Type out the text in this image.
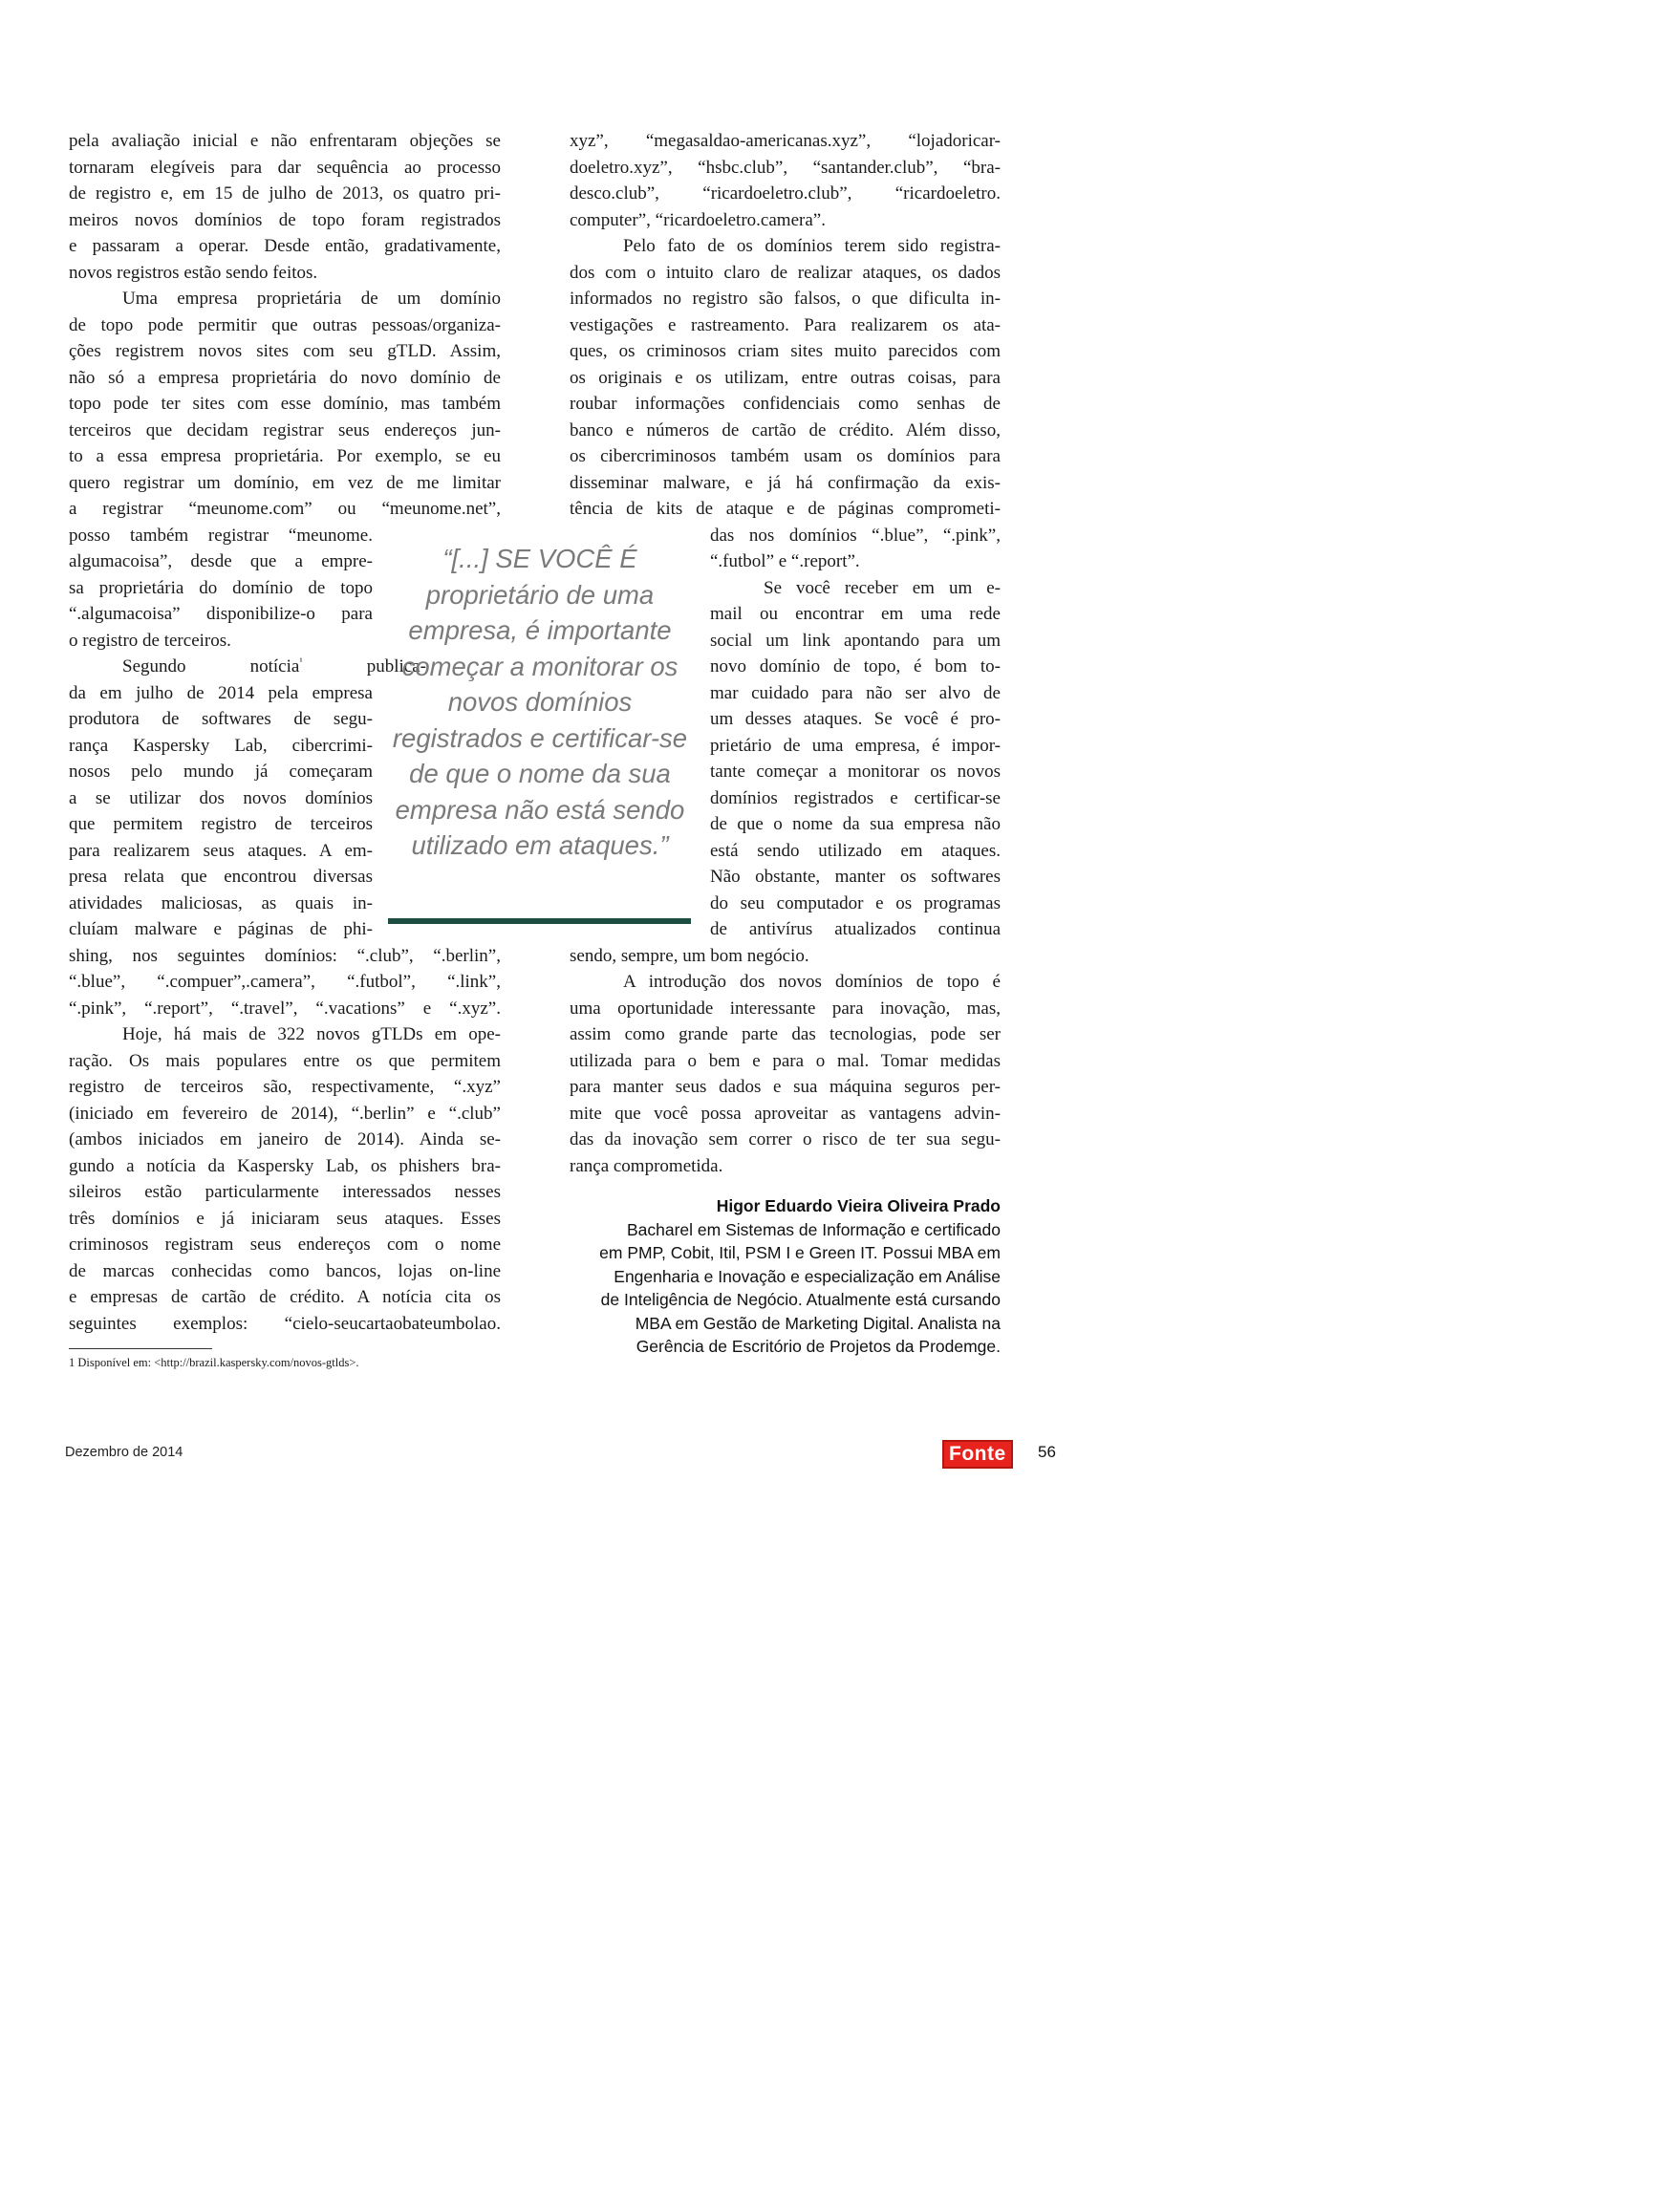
pela avaliação inicial e não enfrentaram objeções se
tornaram elegíveis para dar sequência ao processo
de registro e, em 15 de julho de 2013, os quatro pri-
meiros novos domínios de topo foram registrados
e passaram a operar. Desde então, gradativamente,
novos registros estão sendo feitos.
Uma empresa proprietária de um domínio
de topo pode permitir que outras pessoas/organiza-
ções registrem novos sites com seu gTLD. Assim,
não só a empresa proprietária do novo domínio de
topo pode ter sites com esse domínio, mas também
terceiros que decidam registrar seus endereços jun-
to a essa empresa proprietária. Por exemplo, se eu
quero registrar um domínio, em vez de me limitar
a registrar “meunome.com” ou “meunome.net”,
posso também registrar “meunome.
algumacoisa”, desde que a empre-
sa proprietária do domínio de topo
“.algumacoisa” disponibilize-o para
o registro de terceiros.
Segundo notícia$^{^1}$ publica-
da em julho de 2014 pela empresa
produtora de softwares de segu-
rança Kaspersky Lab, cibercrimi-
nosos pelo mundo já começaram
a se utilizar dos novos domínios
que permitem registro de terceiros
para realizarem seus ataques. A em-
presa relata que encontrou diversas
atividades maliciosas, as quais in-
cluíam malware e páginas de phi-
shing, nos seguintes domínios: “.club”, “.berlin”,
“.blue”, “.compuer”,.camera”, “.futbol”, “.link”,
“.pink”, “.report”, “.travel”, “.vacations” e “.xyz”.
Hoje, há mais de 322 novos gTLDs em ope-
ração. Os mais populares entre os que permitem
registro de terceiros são, respectivamente, “.xyz”
(iniciado em fevereiro de 2014), “.berlin” e “.club”
(ambos iniciados em janeiro de 2014). Ainda se-
gundo a notícia da Kaspersky Lab, os phishers bra-
sileiros estão particularmente interessados nesses
três domínios e já iniciaram seus ataques. Esses
criminosos registram seus endereços com o nome
de marcas conhecidas como bancos, lojas on-line
e empresas de cartão de crédito. A notícia cita os
seguintes exemplos: “cielo-seucartaobateumbolao.
1 Disponível em: <http://brazil.kaspersky.com/novos-gtlds>.
“[...] SE VOCÊ É proprietário de uma empresa, é importante começar a monitorar os novos domínios registrados e certificar-se de que o nome da sua empresa não está sendo utilizado em ataques.”
xyz”, “megasaldao-americanas.xyz”, “lojadoricar-
doeletro.xyz”, “hsbc.club”, “santander.club”, “bra-
desco.club”, “ricardoeletro.club”, “ricardoeletro.
computer”, “ricardoeletro.camera”.
Pelo fato de os domínios terem sido registra-
dos com o intuito claro de realizar ataques, os dados
informados no registro são falsos, o que dificulta in-
vestigações e rastreamento. Para realizarem os ata-
ques, os criminosos criam sites muito parecidos com
os originais e os utilizam, entre outras coisas, para
roubar informações confidenciais como senhas de
banco e números de cartão de crédito. Além disso,
os cibercriminosos também usam os domínios para
disseminar malware, e já há confirmação da exis-
tência de kits de ataque e de páginas comprometi-
das nos domínios “.blue”, “.pink”,
“.futbol” e “.report”.
Se você receber em um e-
mail ou encontrar em uma rede
social um link apontando para um
novo domínio de topo, é bom to-
mar cuidado para não ser alvo de
um desses ataques. Se você é pro-
prietário de uma empresa, é impor-
tante começar a monitorar os novos
domínios registrados e certificar-se
de que o nome da sua empresa não
está sendo utilizado em ataques.
Não obstante, manter os softwares
do seu computador e os programas
de antivírus atualizados continua
sendo, sempre, um bom negócio.
A introdução dos novos domínios de topo é
uma oportunidade interessante para inovação, mas,
assim como grande parte das tecnologias, pode ser
utilizada para o bem e para o mal. Tomar medidas
para manter seus dados e sua máquina seguros per-
mite que você possa aproveitar as vantagens advin-
das da inovação sem correr o risco de ter sua segu-
rança comprometida.
Higor Eduardo Vieira Oliveira Prado
Bacharel em Sistemas de Informação e certificado
em PMP, Cobit, Itil, PSM I e Green IT. Possui MBA em
Engenharia e Inovação e especialização em Análise
de Inteligência de Negócio. Atualmente está cursando
MBA em Gestão de Marketing Digital. Analista na
Gerência de Escritório de Projetos da Prodemge.
Dezembro de 2014	Fonte	56
